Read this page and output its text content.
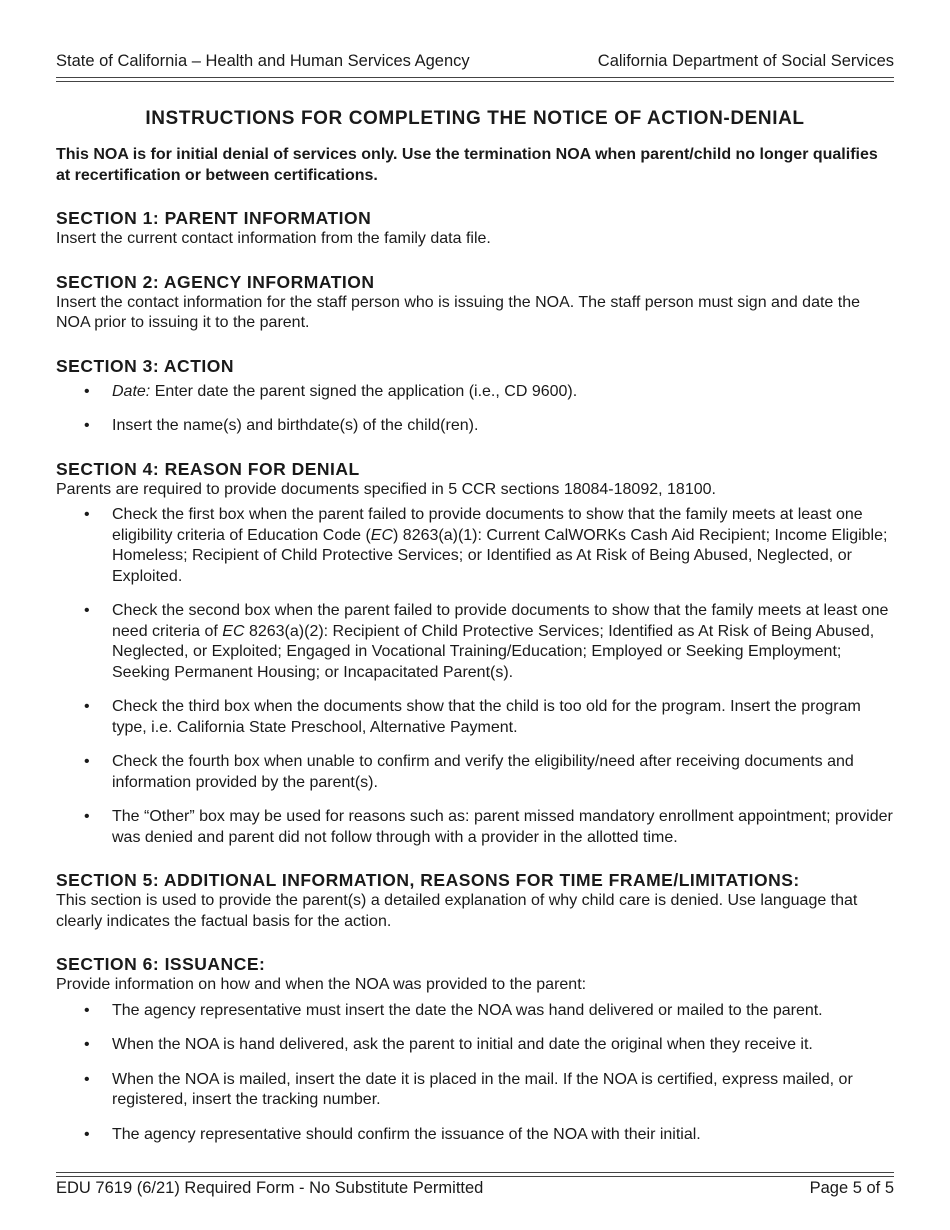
State of California – Health and Human Services Agency	California Department of Social Services
INSTRUCTIONS FOR COMPLETING THE NOTICE OF ACTION-DENIAL

This NOA is for initial denial of services only. Use the termination NOA when parent/child no longer qualifies at recertification or between certifications.

SECTION 1: PARENT INFORMATION

Insert the current contact information from the family data file.

SECTION 2: AGENCY INFORMATION

Insert the contact information for the staff person who is issuing the NOA. The staff person must sign and date the NOA prior to issuing it to the parent.

SECTION 3: ACTION
• Date: Enter date the parent signed the application (i.e., CD 9600).
• Insert the name(s) and birthdate(s) of the child(ren).
SECTION 4: REASON FOR DENIAL

Parents are required to provide documents specified in 5 CCR sections 18084-18092, 18100.

• Check the first box when the parent failed to provide documents to show that the family meets at least one eligibility criteria of Education Code (EC) 8263(a)(1): Current CalWORKs Cash Aid Recipient; Income Eligible; Homeless; Recipient of Child Protective Services; or Identified as At Risk of Being Abused, Neglected, or Exploited.
• Check the second box when the parent failed to provide documents to show that the family meets at least one need criteria of EC 8263(a)(2): Recipient of Child Protective Services; Identified as At Risk of Being Abused, Neglected, or Exploited; Engaged in Vocational Training/Education; Employed or Seeking Employment; Seeking Permanent Housing; or Incapacitated Parent(s).
• Check the third box when the documents show that the child is too old for the program. Insert the program type, i.e. California State Preschool, Alternative Payment.
• Check the fourth box when unable to confirm and verify the eligibility/need after receiving documents and information provided by the parent(s).
• The “Other” box may be used for reasons such as: parent missed mandatory enrollment appointment; provider was denied and parent did not follow through with a provider in the allotted time.
SECTION 5: ADDITIONAL INFORMATION, REASONS FOR TIME FRAME/LIMITATIONS:

This section is used to provide the parent(s) a detailed explanation of why child care is denied. Use language that clearly indicates the factual basis for the action.

SECTION 6: ISSUANCE:

Provide information on how and when the NOA was provided to the parent:

• The agency representative must insert the date the NOA was hand delivered or mailed to the parent.
• When the NOA is hand delivered, ask the parent to initial and date the original when they receive it.
• When the NOA is mailed, insert the date it is placed in the mail. If the NOA is certified, express mailed, or registered, insert the tracking number.
• The agency representative should confirm the issuance of the NOA with their initial.
EDU 7619 (6/21) Required Form - No Substitute Permitted	Page 5 of 5
